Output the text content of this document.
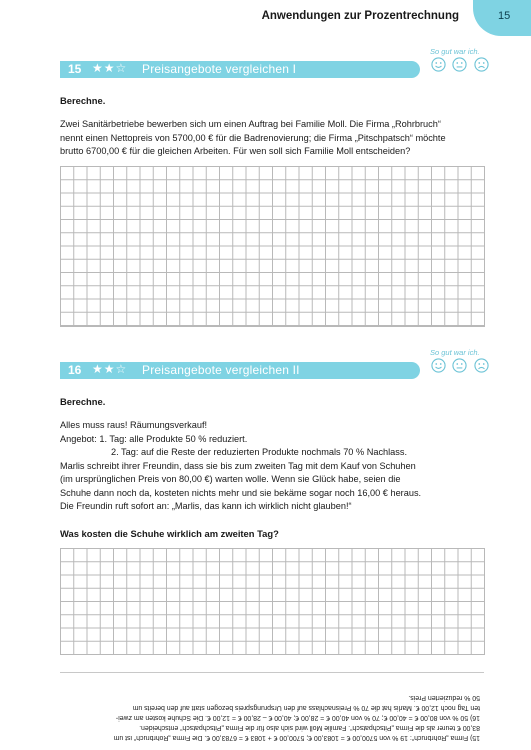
Anwendungen zur Prozentrechnung	15
15 ★★☆ Preisangebote vergleichen I
So gut war ich.

Berechne.
Zwei Sanitärbetriebe bewerben sich um einen Auftrag bei Familie Moll. Die Firma „Rohrbruch“
nennt einen Nettopreis von 5700,00 € für die Badrenovierung; die Firma „Pitschpatsch“ möchte
brutto 6700,00 € für die gleichen Arbeiten. Für wen soll sich Familie Moll entscheiden?
16 ★★☆ Preisangebote vergleichen II
So gut war ich.

Berechne.
Alles muss raus! Räumungsverkauf!
Angebot: 1. Tag: alle Produkte 50 % reduziert.
2. Tag: auf die Reste der reduzierten Produkte nochmals 70 % Nachlass.
Marlis schreibt ihrer Freundin, dass sie bis zum zweiten Tag mit dem Kauf von Schuhen
(im ursprünglichen Preis von 80,00 €) warten wolle. Wenn sie Glück habe, seien die
Schuhe dann noch da, kosteten nichts mehr und sie bekäme sogar noch 16,00 € heraus.
Die Freundin ruft sofort an: „Marlis, das kann ich wirklich nicht glauben!“
Was kosten die Schuhe wirklich am zweiten Tag?
15) Firma „Rohrbruch“: 19 % von 5700,00 € = 1083,00 €; 5700,00 € + 1083 € = 6783,00 €. Die Firma „Rohrbruch“ ist um
83,00 € teurer als die Firma „Pitschpatsch“. Familie Moll wird sich also für die Firma „Pitschpatsch“ entscheiden.
16) 50 % von 80,00 € = 40,00 €; 70 % von 40,00 € = 28,00 €; 40,00 € – 28,00 € = 12,00 €. Die Schuhe kosten am zwei-
ten Tag noch 12,00 €. Marlis hat die 70 % Preisnachlass auf den Ursprungspreis bezogen statt auf den bereits um
50 % reduzierten Preis.
